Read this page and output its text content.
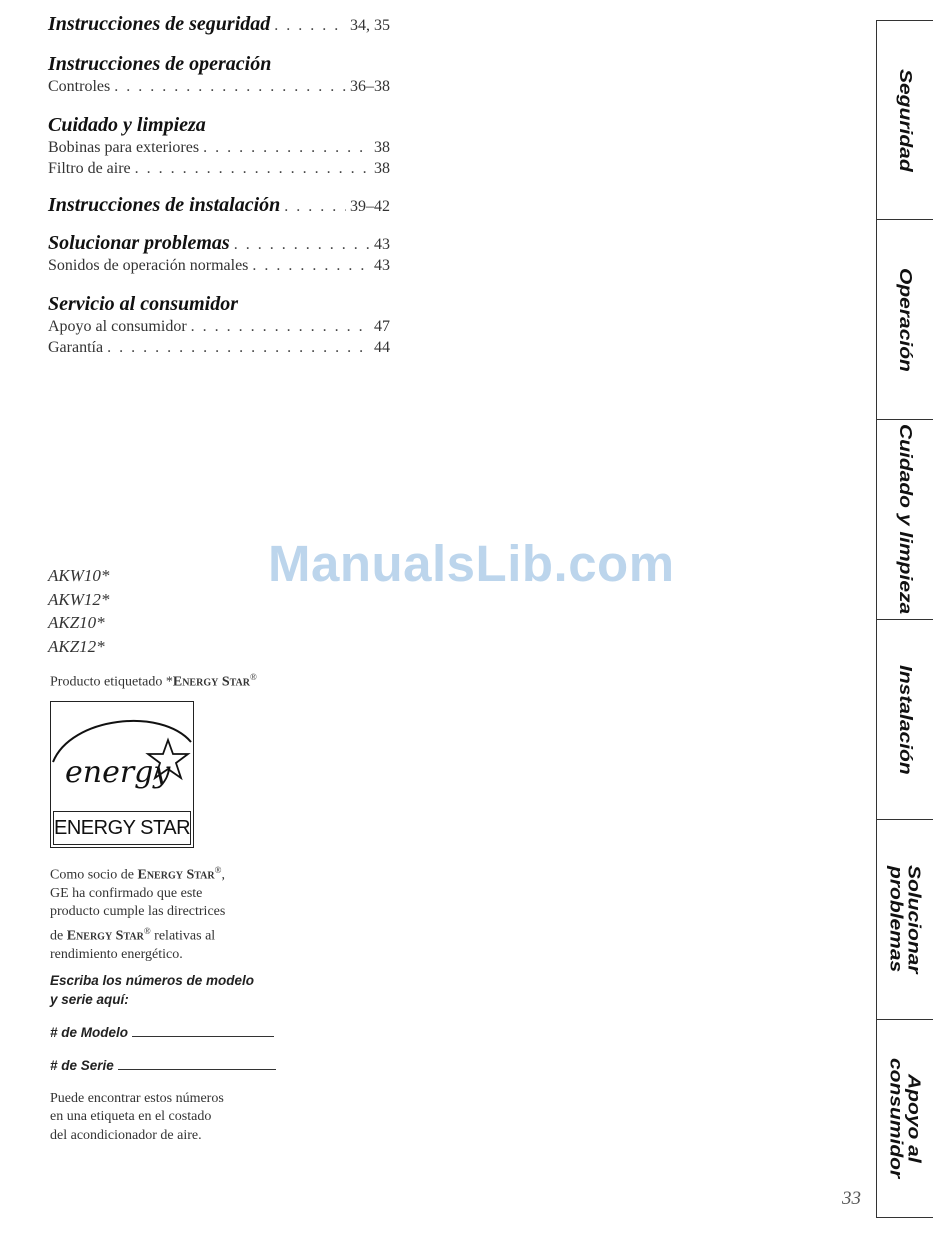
Instrucciones de seguridad . . .	34, 35
Instrucciones de operación
Controles . . .	36–38
Cuidado y limpieza
Bobinas para exteriores . . .	38
Filtro de aire . . .	38
Instrucciones de instalación . . .	39–42
Solucionar problemas . . .	43
Sonidos de operación normales . . .	43
Servicio al consumidor
Apoyo al consumidor . . .	47
Garantía . . .	44
ManualsLib.com
AKW10*
AKW12*
AKZ10*
AKZ12*
Producto etiquetado *Energy Star®
energy
ENERGY STAR
Como socio de Energy Star®,
GE ha confirmado que este
producto cumple las directrices
de Energy Star® relativas al
rendimiento energético.
Escriba los números de modelo
y serie aquí:
# de Modelo
# de Serie
Puede encontrar estos números
en una etiqueta en el costado
del acondicionador de aire.
33
Seguridad
Operación
Cuidado y limpieza
Instalación
Solucionar
problemas
Apoyo al
consumidor
